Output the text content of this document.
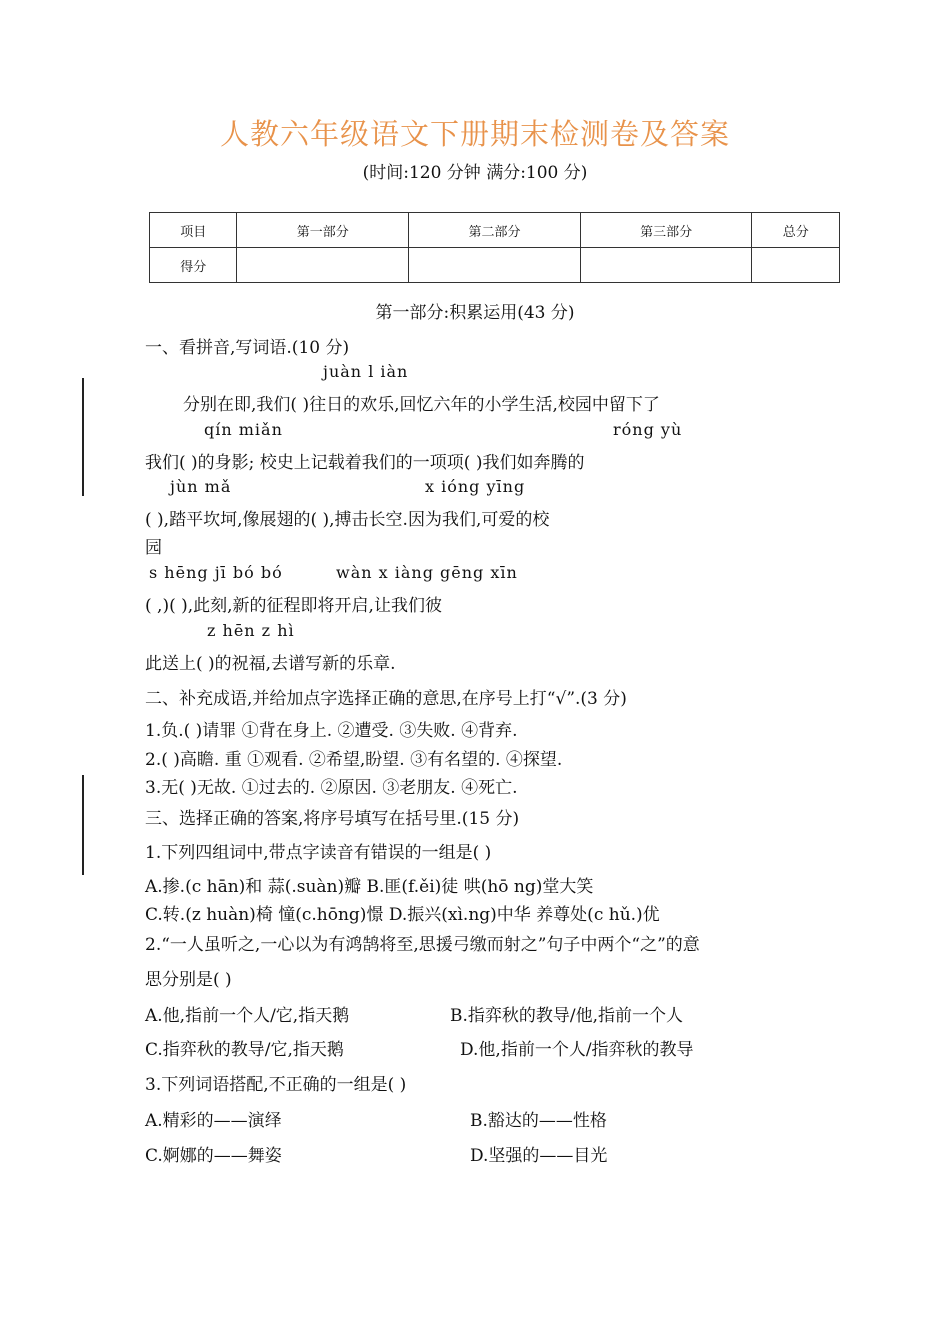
人教六年级语文下册期末检测卷及答案
(时间:120 分钟 满分:100 分)
项目	第一部分	第二部分	第三部分	总分
得分				
第一部分:积累运用(43 分)
一、看拼音,写词语.(10 分)
juàn l iàn
分别在即,我们( )往日的欢乐,回忆六年的小学生活,校园中留下了
qín miǎn	róng yù
我们( )的身影; 校史上记载着我们的一项项( )我们如奔腾的
jùn mǎ	x ióng yīng
( ),踏平坎坷,像展翅的( ),搏击长空.因为我们,可爱的校
园
s hēng jī bó bó	wàn x iàng gēng xīn
( ,)( ),此刻,新的征程即将开启,让我们彼
z hēn z hì
此送上( )的祝福,去谱写新的乐章.
二、补充成语,并给加点字选择正确的意思,在序号上打“√”.(3 分)
1.负.( )请罪 ①背在身上. ②遭受. ③失败. ④背弃.
2.( )高瞻. 重 ①观看. ②希望,盼望. ③有名望的. ④探望.
3.无( )无故. ①过去的. ②原因. ③老朋友. ④死亡.
三、选择正确的答案,将序号填写在括号里.(15 分)
1.下列四组词中,带点字读音有错误的一组是( )
A.掺.(c hān)和 蒜(.suàn)瓣 B.匪(f.ěi)徒 哄(hō ng)堂大笑
C.转.(z huàn)椅 憧(c.hōng)憬 D.振兴(xì.ng)中华 养尊处(c hǔ.)优
2.“一人虽听之,一心以为有鸿鹄将至,思援弓缴而射之”句子中两个“之”的意
思分别是( )
A.他,指前一个人/它,指天鹅	B.指弈秋的教导/他,指前一个人
C.指弈秋的教导/它,指天鹅	D.他,指前一个人/指弈秋的教导
3.下列词语搭配,不正确的一组是( )
A.精彩的——演绎	B.豁达的——性格
C.婀娜的——舞姿	D.坚强的——目光
